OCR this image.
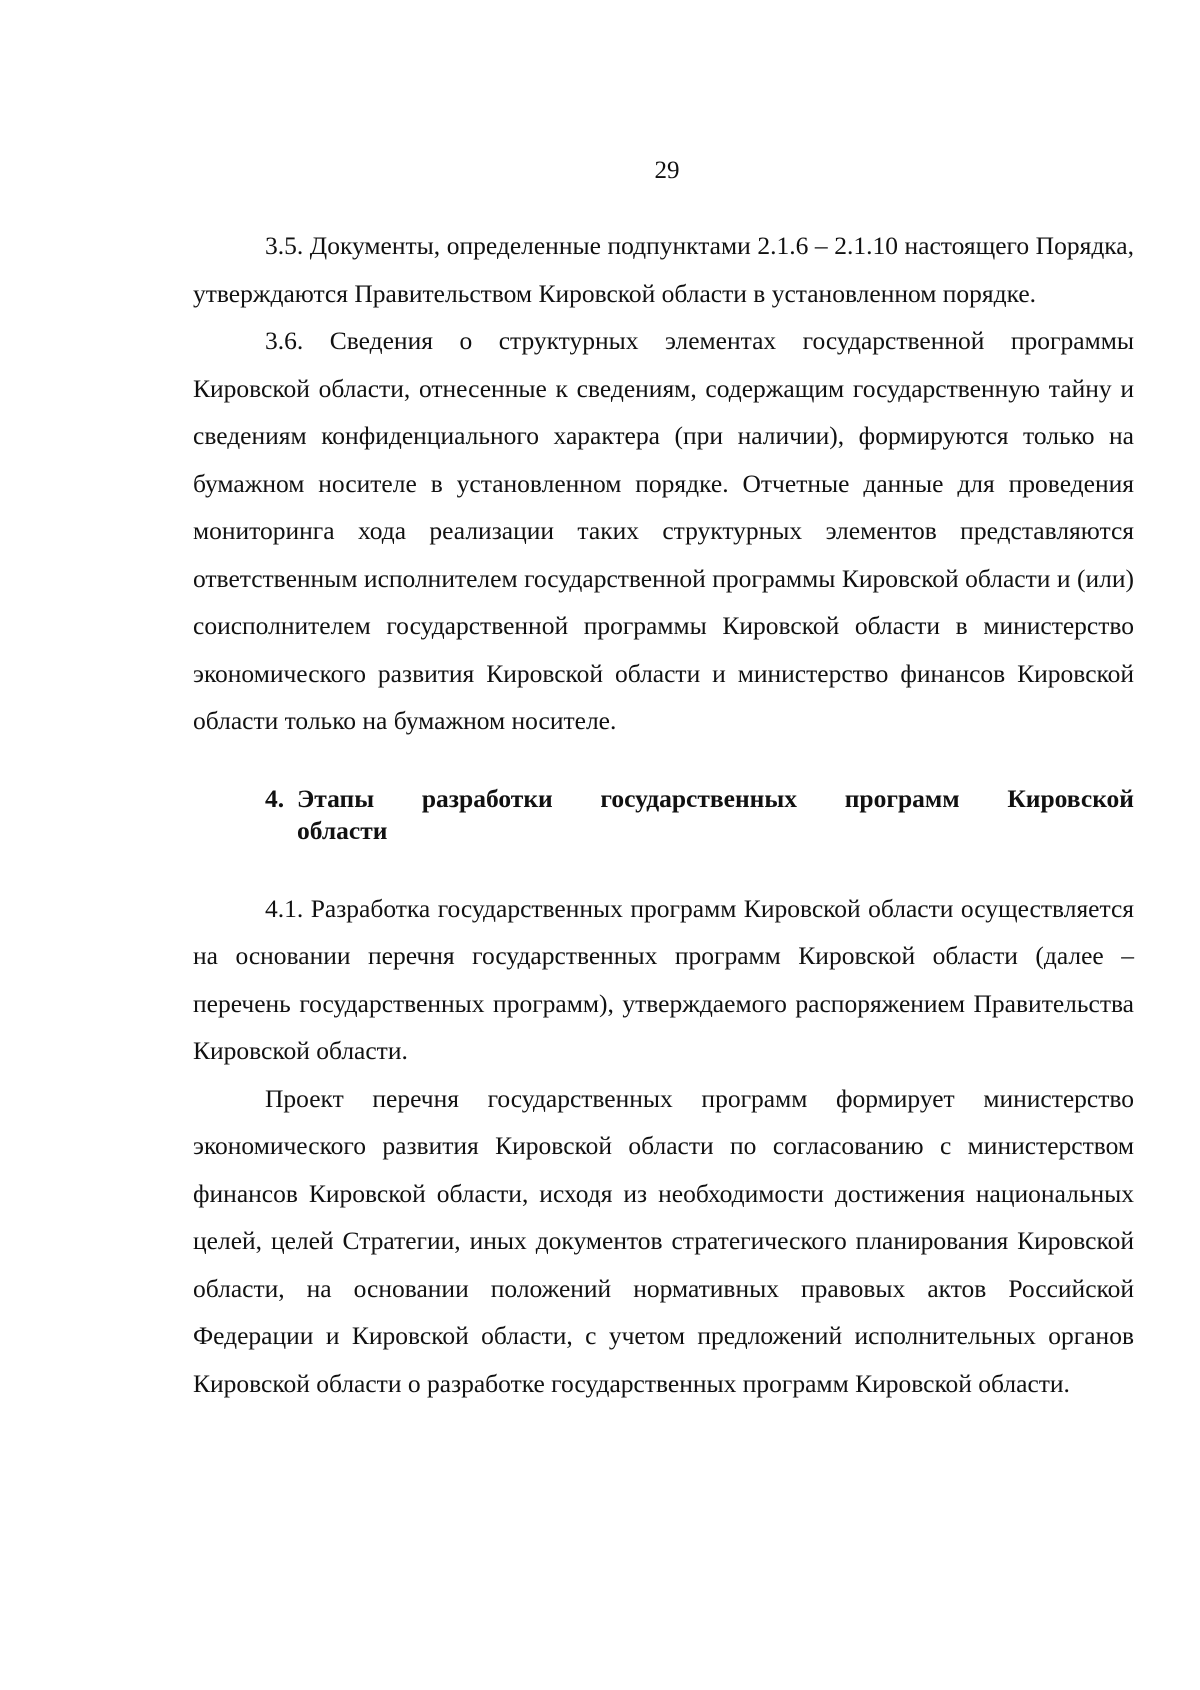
29

3.5. Документы, определенные подпунктами 2.1.6 – 2.1.10 настоящего Порядка, утверждаются Правительством Кировской области в установленном порядке.

3.6. Сведения о структурных элементах государственной программы Кировской области, отнесенные к сведениям, содержащим государственную тайну и сведениям конфиденциального характера (при наличии), формируются только на бумажном носителе в установленном порядке. Отчетные данные для проведения мониторинга хода реализации таких структурных элементов представляются ответственным исполнителем государственной программы Кировской области и (или) соисполнителем государственной программы Кировской области в министерство экономического развития Кировской области и министерство финансов Кировской области только на бумажном носителе.

4. Этапы разработки государственных программ Кировской
области

4.1. Разработка государственных программ Кировской области осуществляется на основании перечня государственных программ Кировской области (далее – перечень государственных программ), утверждаемого распоряжением Правительства Кировской области.

Проект перечня государственных программ формирует министерство экономического развития Кировской области по согласованию с министерством финансов Кировской области, исходя из необходимости достижения национальных целей, целей Стратегии, иных документов стратегического планирования Кировской области, на основании положений нормативных правовых актов Российской Федерации и Кировской области, с учетом предложений исполнительных органов Кировской области о разработке государственных программ Кировской области.
